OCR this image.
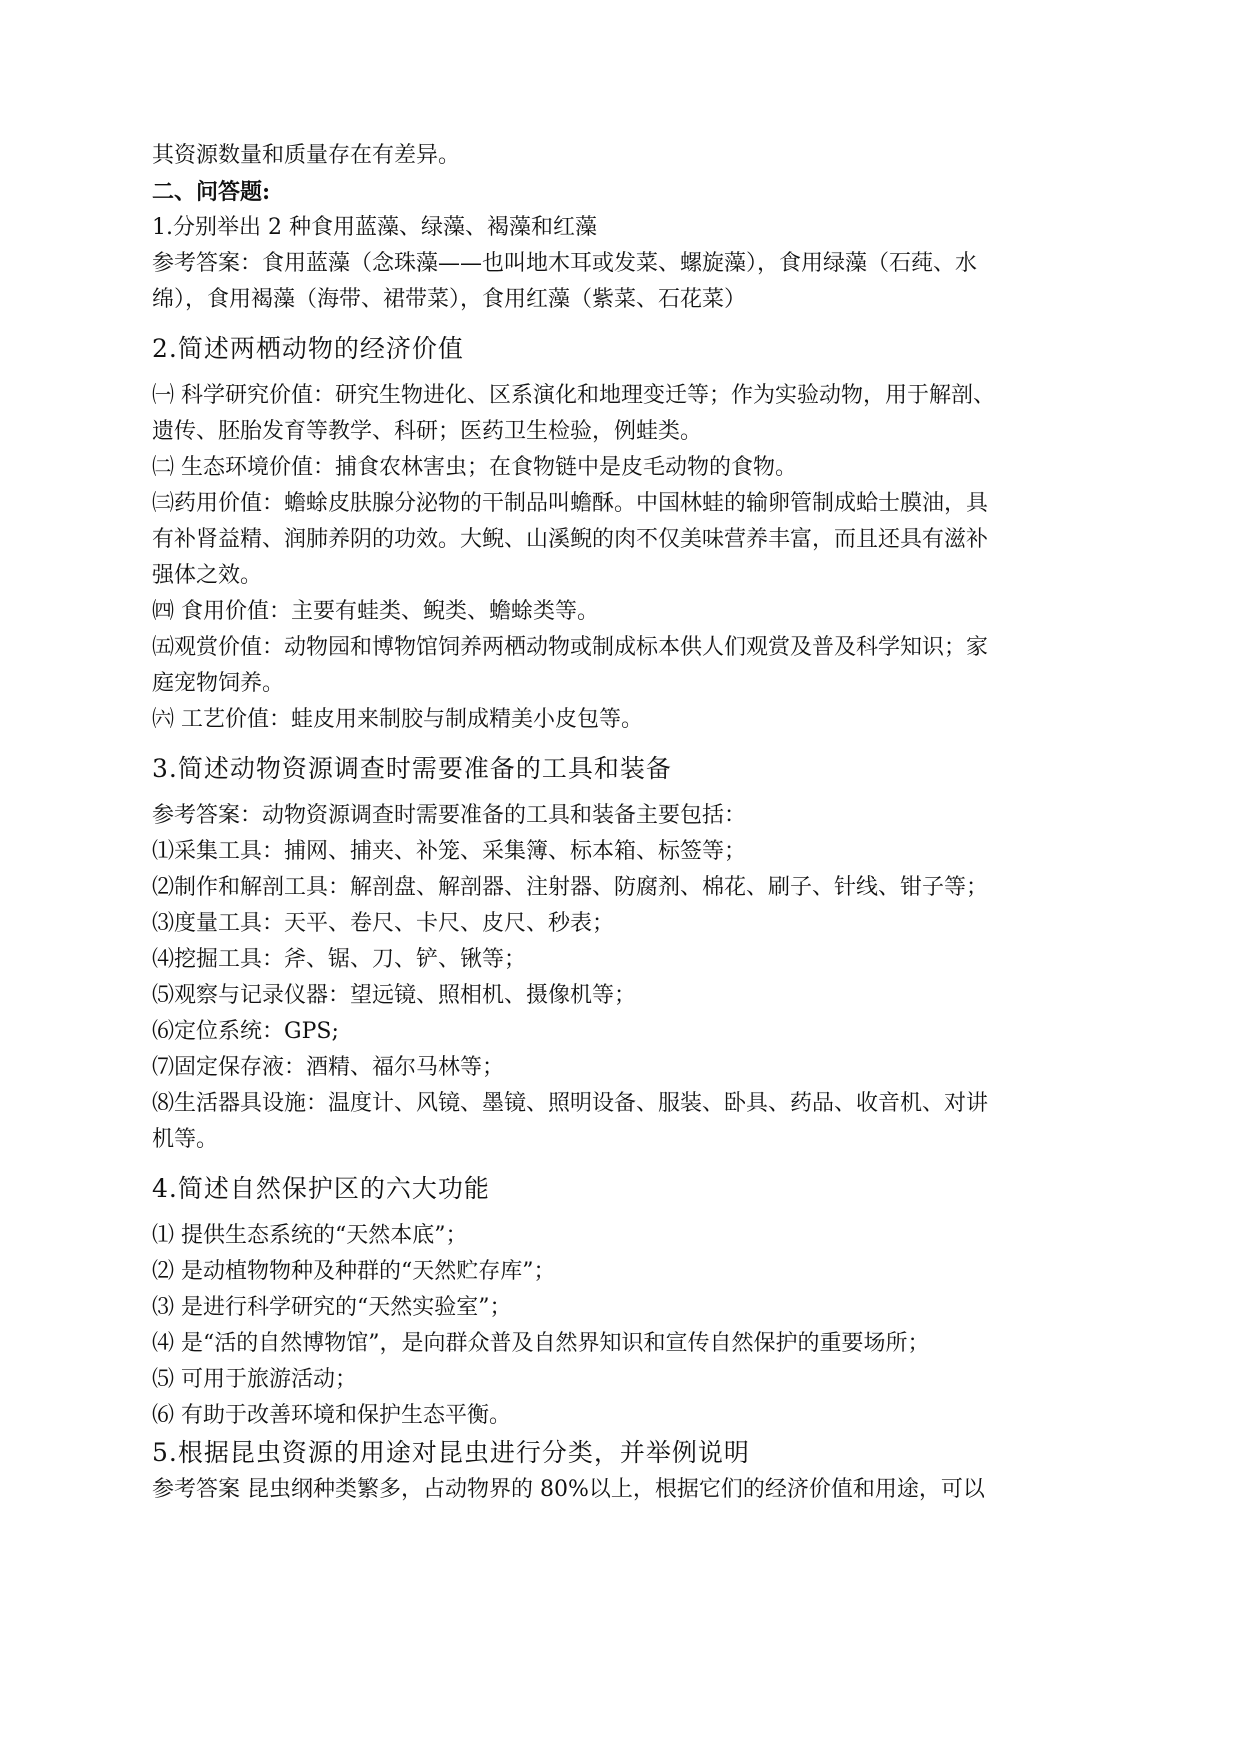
其资源数量和质量存在有差异。

二、问答题:

1.分别举出 2 种食用蓝藻、绿藻、褐藻和红藻

参考答案：食用蓝藻（念珠藻——也叫地木耳或发菜、螺旋藻），食用绿藻（石莼、水

绵），食用褐藻（海带、裙带菜），食用红藻（紫菜、石花菜）

2.简述两栖动物的经济价值

㈠ 科学研究价值：研究生物进化、区系演化和地理变迁等；作为实验动物，用于解剖、

遗传、胚胎发育等教学、科研；医药卫生检验，例蛙类。

㈡ 生态环境价值：捕食农林害虫；在食物链中是皮毛动物的食物。

㈢药用价值：蟾蜍皮肤腺分泌物的干制品叫蟾酥。中国林蛙的输卵管制成蛤士膜油，具

有补肾益精、润肺养阴的功效。大鲵、山溪鲵的肉不仅美味营养丰富，而且还具有滋补

强体之效。

㈣ 食用价值：主要有蛙类、鲵类、蟾蜍类等。

㈤观赏价值：动物园和博物馆饲养两栖动物或制成标本供人们观赏及普及科学知识；家

庭宠物饲养。

㈥ 工艺价值：蛙皮用来制胶与制成精美小皮包等。

3.简述动物资源调查时需要准备的工具和装备

参考答案：动物资源调查时需要准备的工具和装备主要包括：

⑴采集工具：捕网、捕夹、补笼、采集簿、标本箱、标签等；

⑵制作和解剖工具：解剖盘、解剖器、注射器、防腐剂、棉花、刷子、针线、钳子等；

⑶度量工具：天平、卷尺、卡尺、皮尺、秒表；

⑷挖掘工具：斧、锯、刀、铲、锹等；

⑸观察与记录仪器：望远镜、照相机、摄像机等；

⑹定位系统：GPS;

⑺固定保存液：酒精、福尔马林等；

⑻生活器具设施：温度计、风镜、墨镜、照明设备、服装、卧具、药品、收音机、对讲

机等。

4.简述自然保护区的六大功能

⑴ 提供生态系统的“天然本底”；

⑵ 是动植物物种及种群的“天然贮存库”；

⑶ 是进行科学研究的“天然实验室”；

⑷ 是“活的自然博物馆”，是向群众普及自然界知识和宣传自然保护的重要场所；

⑸ 可用于旅游活动；

⑹ 有助于改善环境和保护生态平衡。

5.根据昆虫资源的用途对昆虫进行分类，并举例说明

参考答案 昆虫纲种类繁多，占动物界的 80%以上，根据它们的经济价值和用途，可以
